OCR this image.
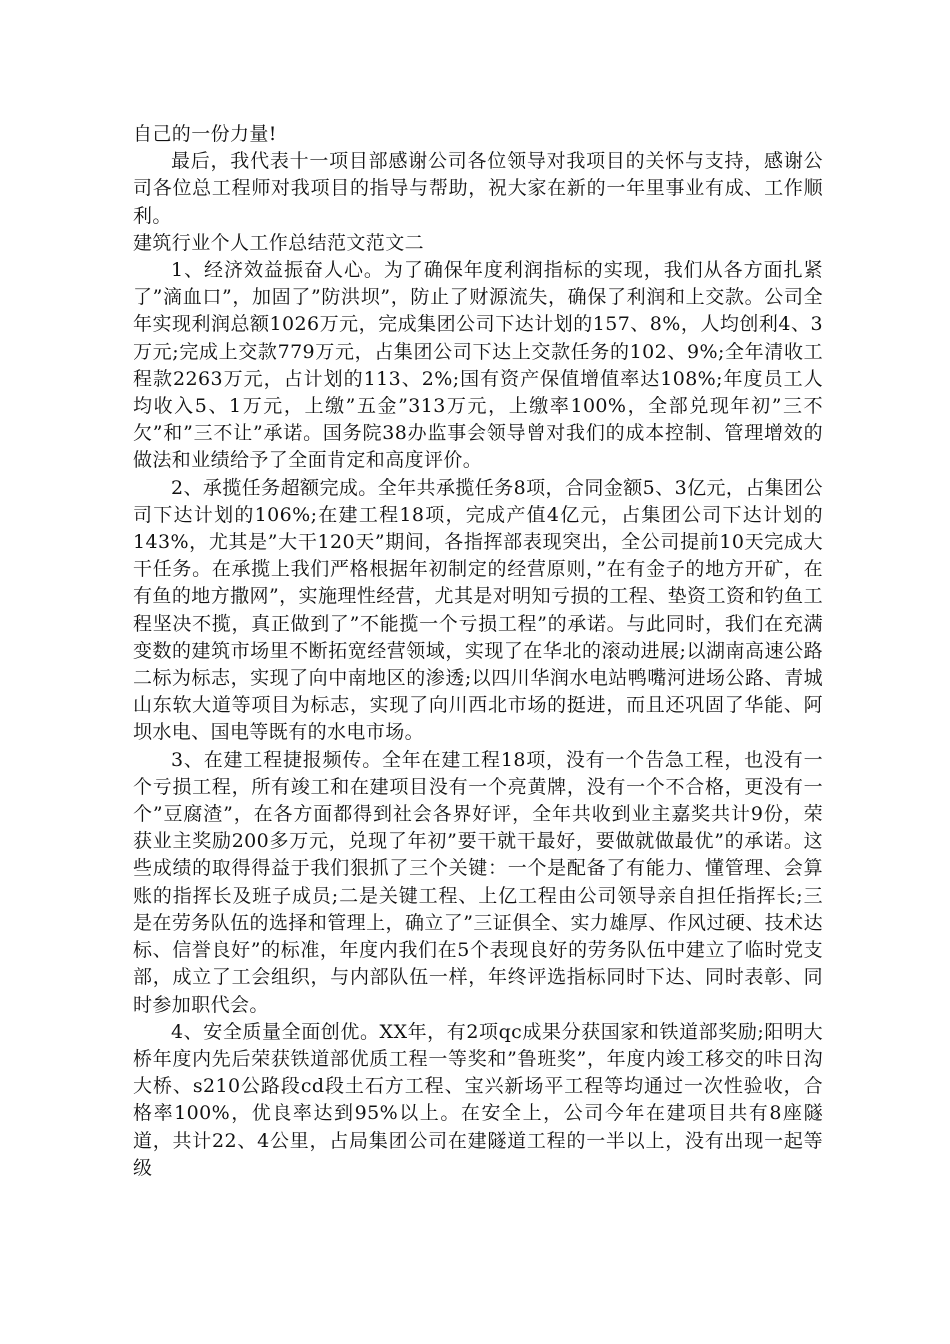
自己的一份力量!

最后，我代表十一项目部感谢公司各位领导对我项目的关怀与支持，感谢公司各位总工程师对我项目的指导与帮助，祝大家在新的一年里事业有成、工作顺利。

建筑行业个人工作总结范文范文二

1、经济效益振奋人心。为了确保年度利润指标的实现，我们从各方面扎紧了”滴血口”，加固了”防洪坝”，防止了财源流失，确保了利润和上交款。公司全年实现利润总额1026万元，完成集团公司下达计划的157、8%，人均创利4、3万元;完成上交款779万元，占集团公司下达上交款任务的102、9%;全年清收工程款2263万元，占计划的113、2%;国有资产保值增值率达108%;年度员工人均收入5、1万元，上缴”五金”313万元，上缴率100%，全部兑现年初”三不欠”和”三不让”承诺。国务院38办监事会领导曾对我们的成本控制、管理增效的做法和业绩给予了全面肯定和高度评价。

2、承揽任务超额完成。全年共承揽任务8项，合同金额5、3亿元，占集团公司下达计划的106%;在建工程18项，完成产值4亿元，占集团公司下达计划的143%，尤其是”大干120天”期间，各指挥部表现突出，全公司提前10天完成大干任务。在承揽上我们严格根据年初制定的经营原则，”在有金子的地方开矿，在有鱼的地方撒网”，实施理性经营，尤其是对明知亏损的工程、垫资工资和钓鱼工程坚决不揽，真正做到了”不能揽一个亏损工程”的承诺。与此同时，我们在充满变数的建筑市场里不断拓宽经营领域，实现了在华北的滚动进展;以湖南高速公路二标为标志，实现了向中南地区的渗透;以四川华润水电站鸭嘴河进场公路、青城山东软大道等项目为标志，实现了向川西北市场的挺进，而且还巩固了华能、阿坝水电、国电等既有的水电市场。

3、在建工程捷报频传。全年在建工程18项，没有一个告急工程，也没有一个亏损工程，所有竣工和在建项目没有一个亮黄牌，没有一个不合格，更没有一个”豆腐渣”，在各方面都得到社会各界好评，全年共收到业主嘉奖共计9份，荣获业主奖励200多万元，兑现了年初”要干就干最好，要做就做最优”的承诺。这些成绩的取得得益于我们狠抓了三个关键：一个是配备了有能力、懂管理、会算账的指挥长及班子成员;二是关键工程、上亿工程由公司领导亲自担任指挥长;三是在劳务队伍的选择和管理上，确立了”三证俱全、实力雄厚、作风过硬、技术达标、信誉良好”的标准，年度内我们在5个表现良好的劳务队伍中建立了临时党支部，成立了工会组织，与内部队伍一样，年终评选指标同时下达、同时表彰、同时参加职代会。

4、安全质量全面创优。XX年，有2项qc成果分获国家和铁道部奖励;阳明大桥年度内先后荣获铁道部优质工程一等奖和”鲁班奖”，年度内竣工移交的咔日沟大桥、s210公路段cd段土石方工程、宝兴新场平工程等均通过一次性验收，合格率100%，优良率达到95%以上。在安全上，公司今年在建项目共有8座隧道，共计22、4公里，占局集团公司在建隧道工程的一半以上，没有出现一起等级
